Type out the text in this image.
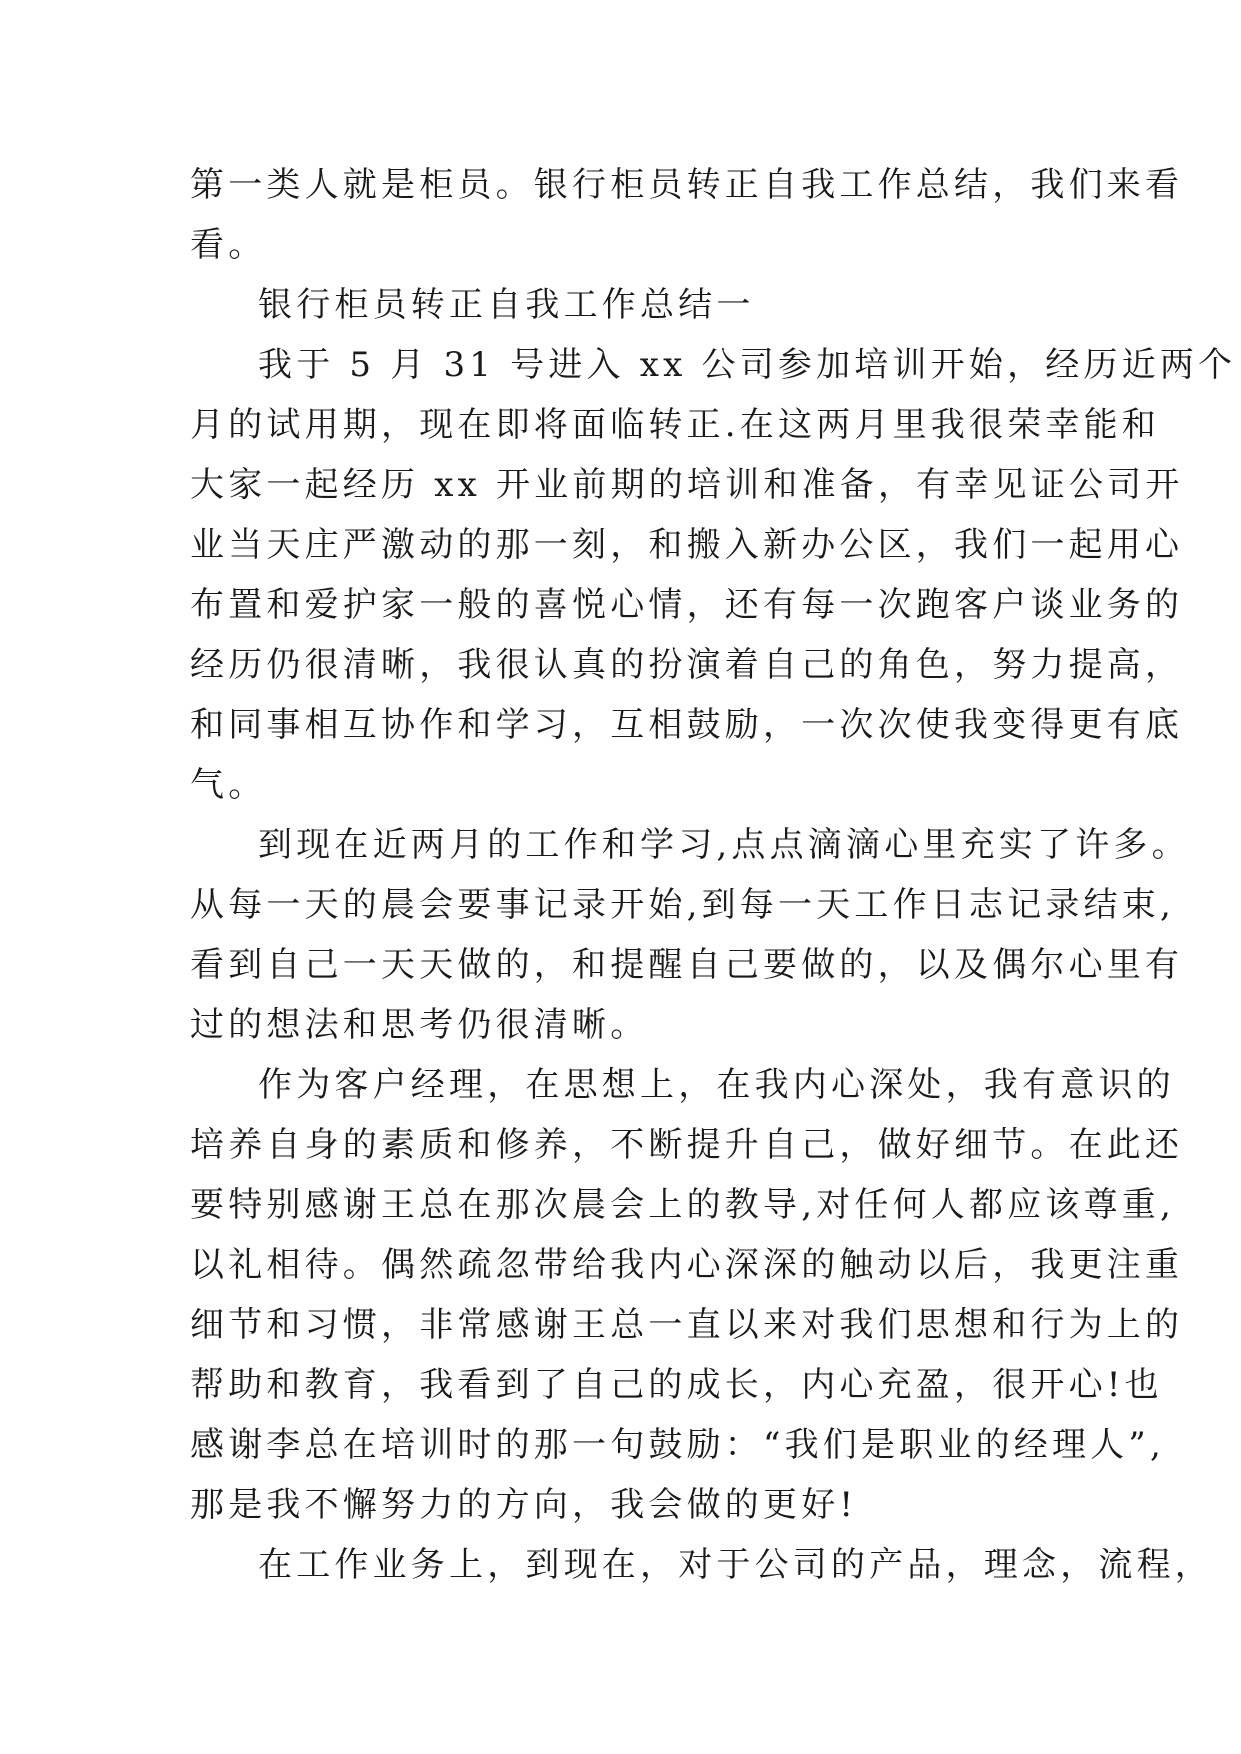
第一类人就是柜员。银行柜员转正自我工作总结，我们来看
看。
银行柜员转正自我工作总结一
我于 5 月 31 号进入 xx 公司参加培训开始，经历近两个
月的试用期，现在即将面临转正.在这两月里我很荣幸能和
大家一起经历 xx 开业前期的培训和准备，有幸见证公司开
业当天庄严激动的那一刻，和搬入新办公区，我们一起用心
布置和爱护家一般的喜悦心情，还有每一次跑客户谈业务的
经历仍很清晰，我很认真的扮演着自己的角色，努力提高，
和同事相互协作和学习，互相鼓励，一次次使我变得更有底
气。
到现在近两月的工作和学习,点点滴滴心里充实了许多。
从每一天的晨会要事记录开始,到每一天工作日志记录结束,
看到自己一天天做的，和提醒自己要做的，以及偶尔心里有
过的想法和思考仍很清晰。
作为客户经理，在思想上，在我内心深处，我有意识的
培养自身的素质和修养，不断提升自己，做好细节。在此还
要特别感谢王总在那次晨会上的教导,对任何人都应该尊重,
以礼相待。偶然疏忽带给我内心深深的触动以后，我更注重
细节和习惯，非常感谢王总一直以来对我们思想和行为上的
帮助和教育，我看到了自己的成长，内心充盈，很开心!也
感谢李总在培训时的那一句鼓励：“我们是职业的经理人”,
那是我不懈努力的方向，我会做的更好!
在工作业务上，到现在，对于公司的产品，理念，流程，
